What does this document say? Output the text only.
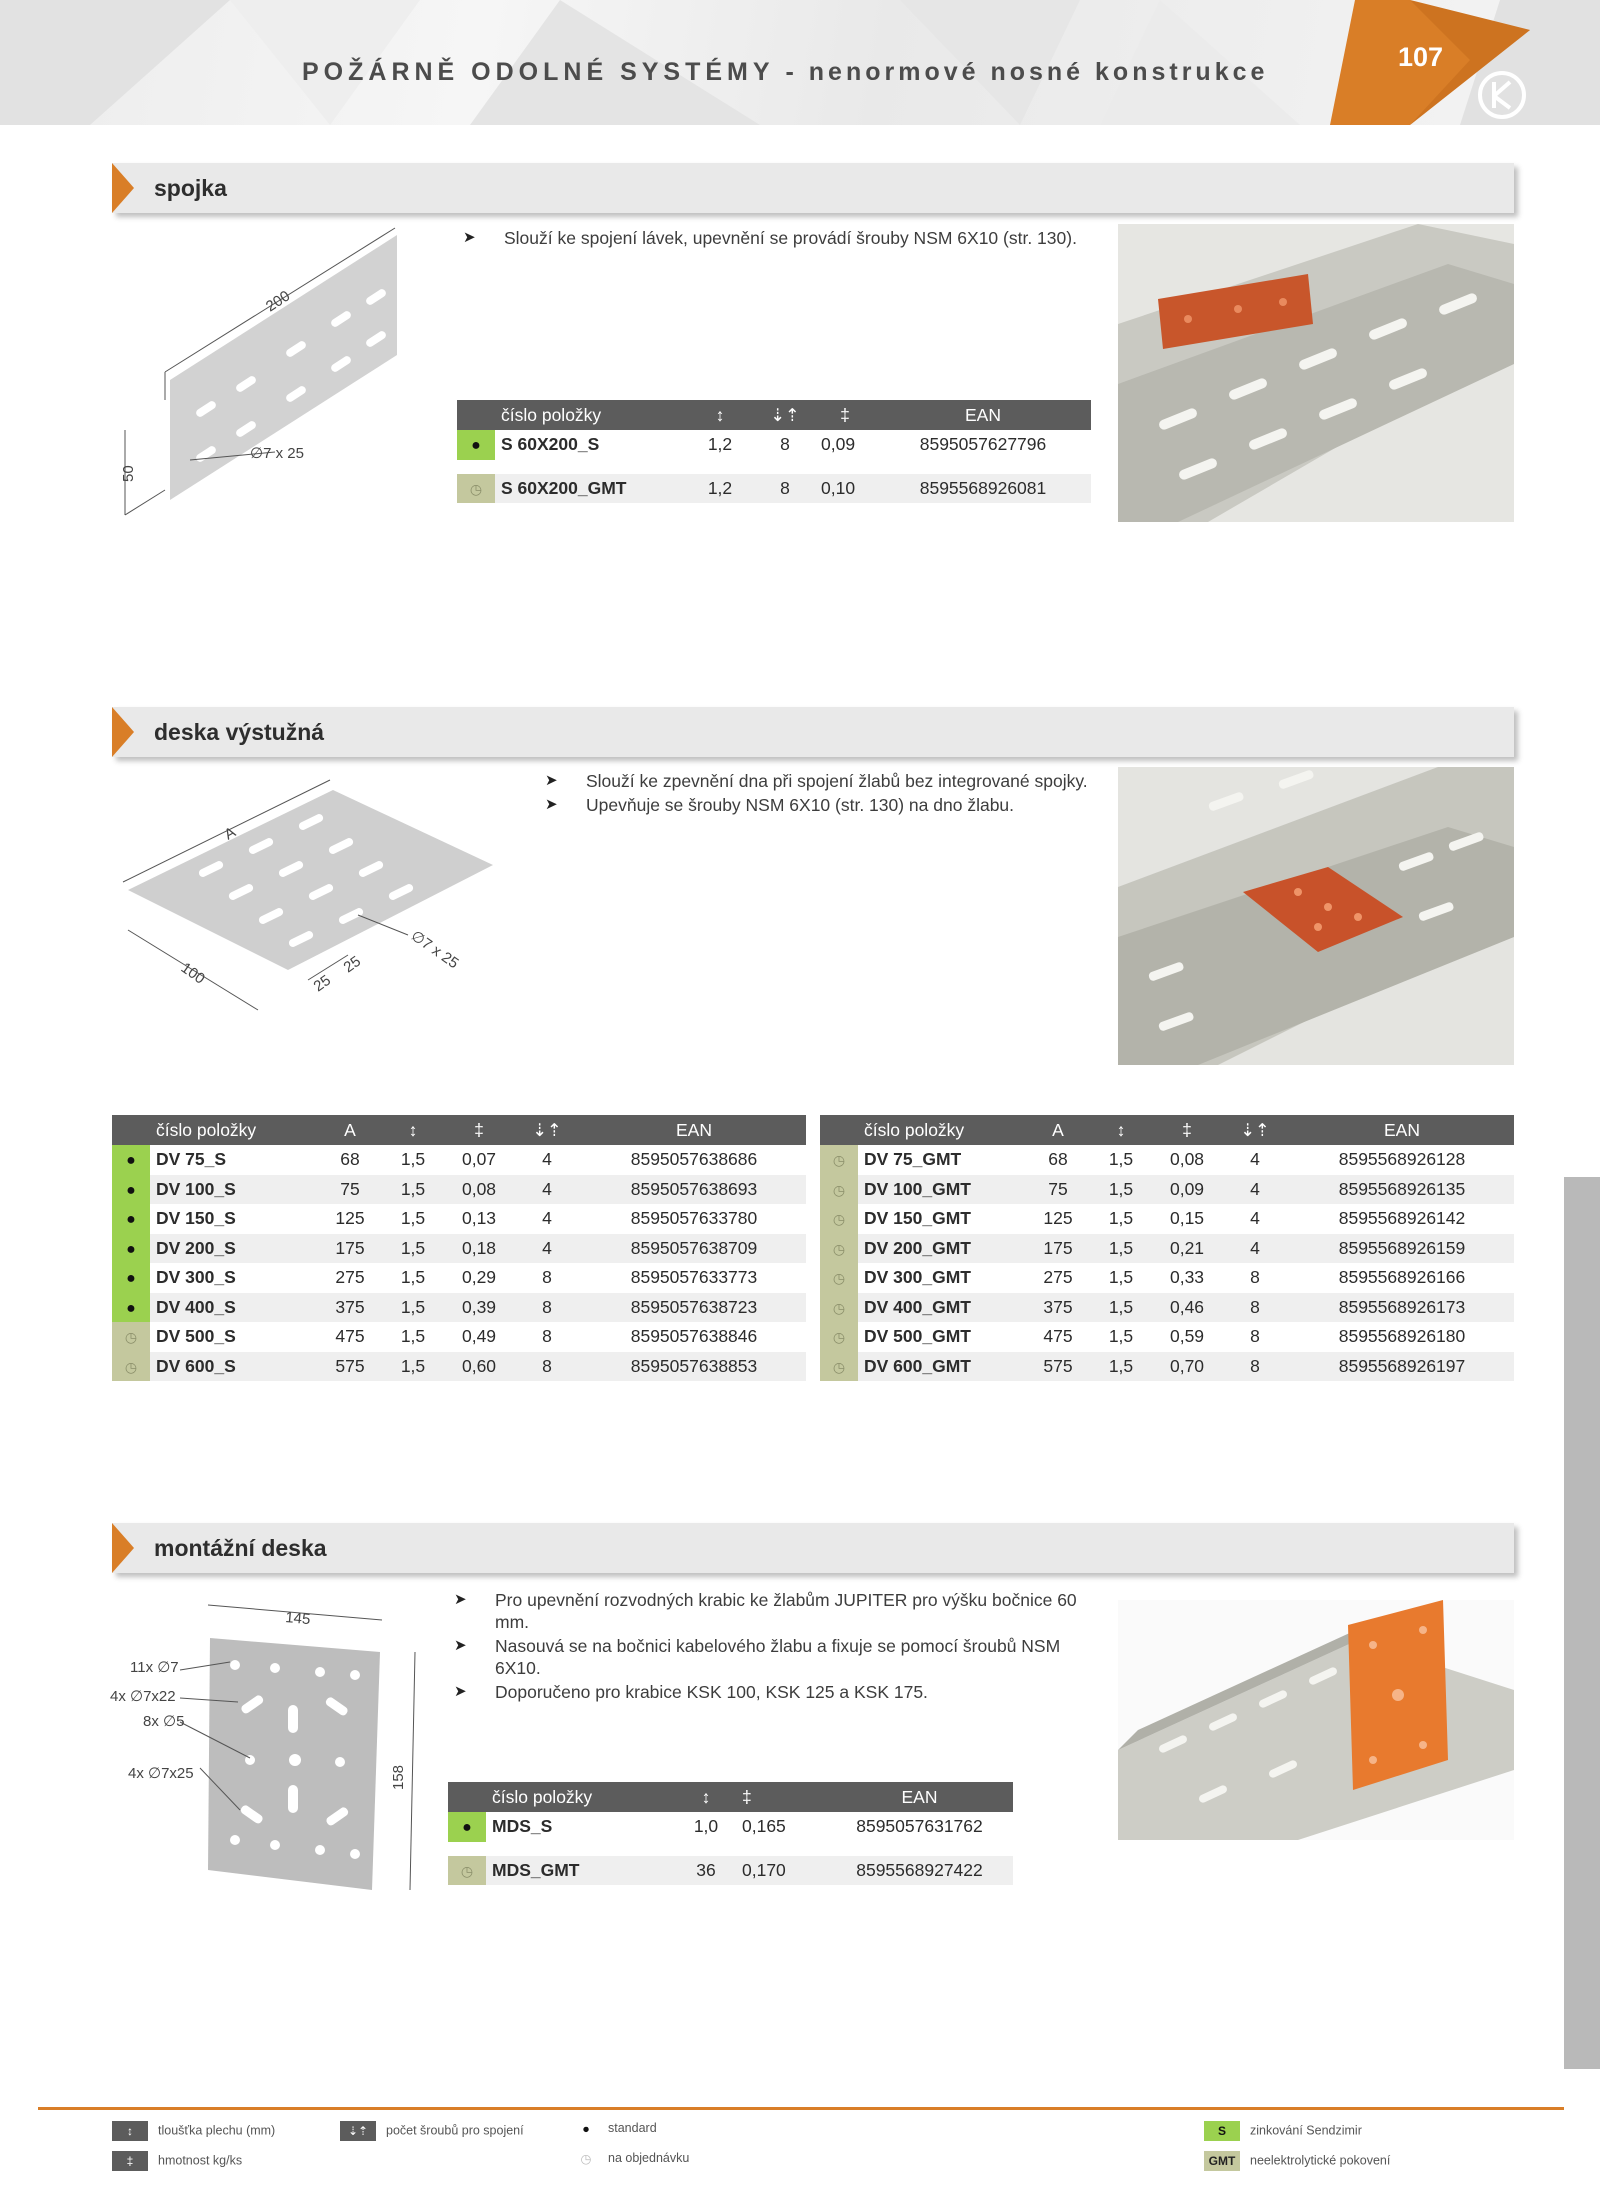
POŽÁRNĚ ODOLNÉ SYSTÉMY - nenormové nosné konstrukce	107
spojka
200
50
∅7 x 25
➤ Slouží ke spojení lávek, upevnění se provádí šrouby NSM 6X10 (str. 130).
	číslo položky	↕	⇣⇡	‡	EAN
●	S 60X200_S	1,2	8	0,09	8595057627796

◷	S 60X200_GMT	1,2	8	0,10	8595568926081
deska výstužná
A
100
∅7 x 25
25
25
➤ Slouží ke zpevnění dna při spojení žlabů bez integrované spojky.
➤ Upevňuje se šrouby NSM 6X10 (str. 130) na dno žlabu.
	číslo položky	A	↕	‡	⇣⇡	EAN
●	DV 75_S	68	1,5	0,07	4	8595057638686
●	DV 100_S	75	1,5	0,08	4	8595057638693
●	DV 150_S	125	1,5	0,13	4	8595057633780
●	DV 200_S	175	1,5	0,18	4	8595057638709
●	DV 300_S	275	1,5	0,29	8	8595057633773
●	DV 400_S	375	1,5	0,39	8	8595057638723
◷	DV 500_S	475	1,5	0,49	8	8595057638846
◷	DV 600_S	575	1,5	0,60	8	8595057638853
	číslo položky	A	↕	‡	⇣⇡	EAN
◷	DV 75_GMT	68	1,5	0,08	4	8595568926128
◷	DV 100_GMT	75	1,5	0,09	4	8595568926135
◷	DV 150_GMT	125	1,5	0,15	4	8595568926142
◷	DV 200_GMT	175	1,5	0,21	4	8595568926159
◷	DV 300_GMT	275	1,5	0,33	8	8595568926166
◷	DV 400_GMT	375	1,5	0,46	8	8595568926173
◷	DV 500_GMT	475	1,5	0,59	8	8595568926180
◷	DV 600_GMT	575	1,5	0,70	8	8595568926197
montážní deska
145
158
11x ∅7
4x ∅7x22
8x ∅5
4x ∅7x25
➤ Pro upevnění rozvodných krabic ke žlabům JUPITER pro výšku bočnice 60 mm.
➤ Nasouvá se na bočnici kabelového žlabu a fixuje se pomocí šroubů NSM 6X10.
➤ Doporučeno pro krabice KSK 100, KSK 125 a KSK 175.
	číslo položky	↕	‡	EAN
●	MDS_S	1,0	0,165	8595057631762

◷	MDS_GMT	36	0,170	8595568927422
↕ tloušťka plechu (mm)
‡ hmotnost kg/ks
⇣⇡ počet šroubů pro spojení	● standard
◷ na objednávku
S zinkování Sendzimir
GMT neelektrolytické pokovení
